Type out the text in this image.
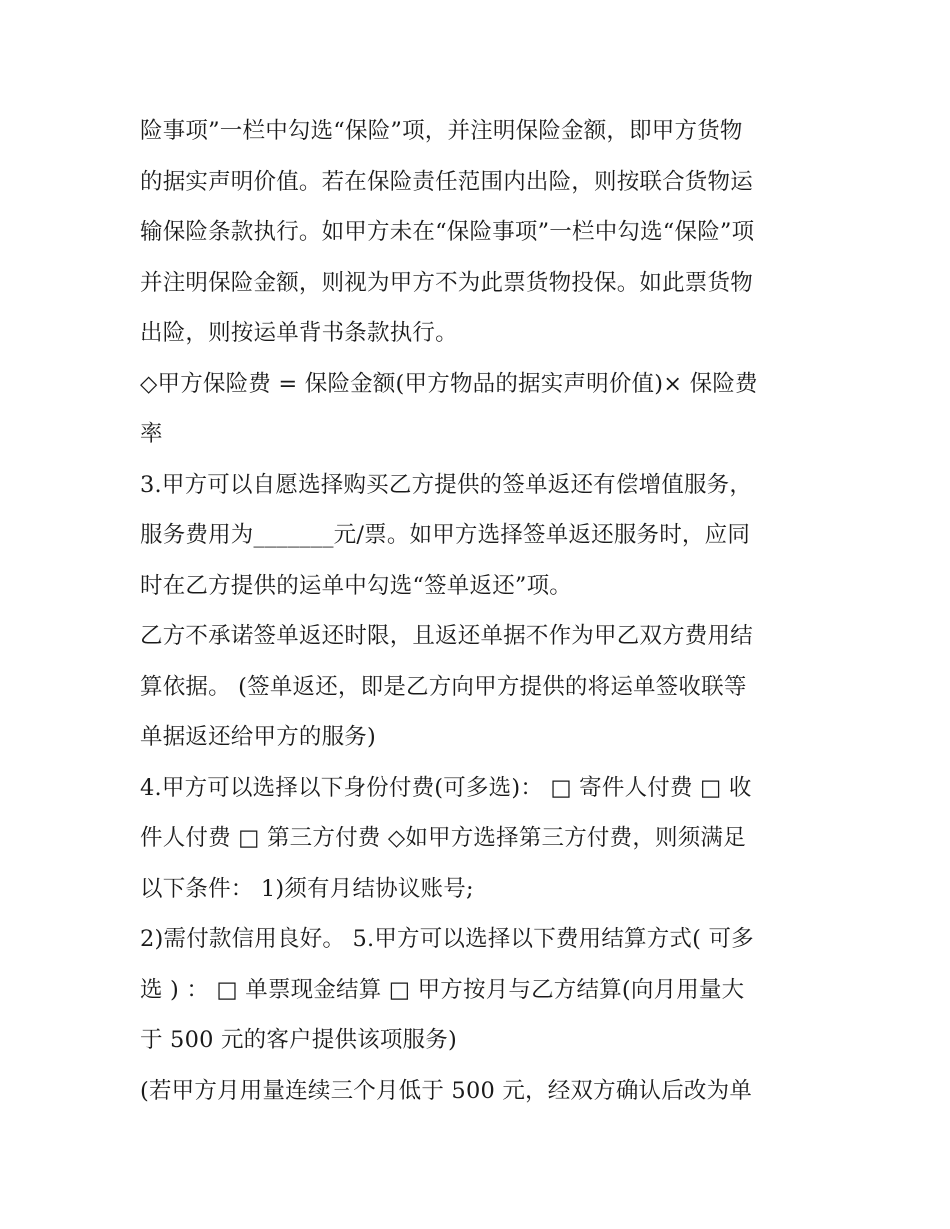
险事项”一栏中勾选“保险”项，并注明保险金额，即甲方货物
的据实声明价值。若在保险责任范围内出险，则按联合货物运
输保险条款执行。如甲方未在“保险事项”一栏中勾选“保险”项
并注明保险金额，则视为甲方不为此票货物投保。如此票货物
出险，则按运单背书条款执行。
◇甲方保险费 = 保险金额(甲方物品的据实声明价值)× 保险费
率
3.甲方可以自愿选择购买乙方提供的签单返还有偿增值服务，
服务费用为_______元/票。如甲方选择签单返还服务时，应同
时在乙方提供的运单中勾选“签单返还”项。
乙方不承诺签单返还时限，且返还单据不作为甲乙双方费用结
算依据。 (签单返还，即是乙方向甲方提供的将运单签收联等
单据返还给甲方的服务)
4.甲方可以选择以下身份付费(可多选)： □ 寄件人付费 □ 收
件人付费 □ 第三方付费 ◇如甲方选择第三方付费，则须满足
以下条件： 1)须有月结协议账号;
2)需付款信用良好。 5.甲方可以选择以下费用结算方式( 可多
选 ) ： □ 单票现金结算 □ 甲方按月与乙方结算(向月用量大
于 500 元的客户提供该项服务)
(若甲方月用量连续三个月低于 500 元，经双方确认后改为单
